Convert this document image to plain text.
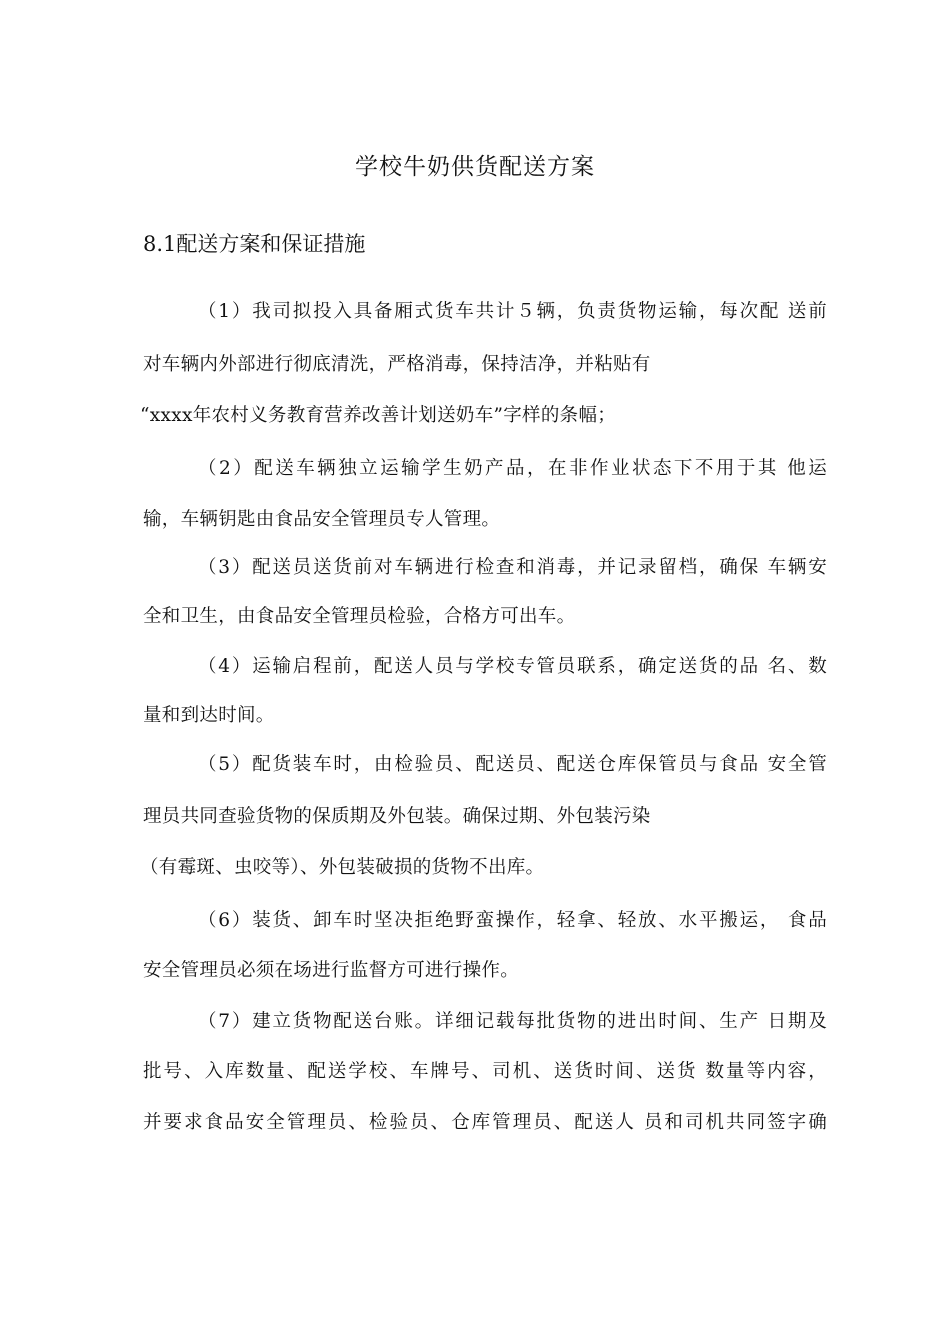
学校牛奶供货配送方案
8.1配送方案和保证措施
（1）我司拟投入具备厢式货车共计５辆，负责货物运输，每次配 送前
对车辆内外部进行彻底清洗，严格消毒，保持洁净，并粘贴有
“xxxx年农村义务教育营养改善计划送奶车”字样的条幅；
（2）配送车辆独立运输学生奶产品，在非作业状态下不用于其 他运
输，车辆钥匙由食品安全管理员专人管理。
（3）配送员送货前对车辆进行检查和消毒，并记录留档，确保 车辆安
全和卫生，由食品安全管理员检验，合格方可出车。
（4）运输启程前，配送人员与学校专管员联系，确定送货的品 名、数
量和到达时间。
（5）配货装车时，由检验员、配送员、配送仓库保管员与食品 安全管
理员共同查验货物的保质期及外包装。确保过期、外包装污染
（有霉斑、虫咬等）、外包装破损的货物不出库。
（6）装货、卸车时坚决拒绝野蛮操作，轻拿、轻放、水平搬运， 食品
安全管理员必须在场进行监督方可进行操作。
（7）建立货物配送台账。详细记载每批货物的进出时间、生产 日期及
批号、入库数量、配送学校、车牌号、司机、送货时间、送货 数量等内容，
并要求食品安全管理员、检验员、仓库管理员、配送人 员和司机共同签字确
